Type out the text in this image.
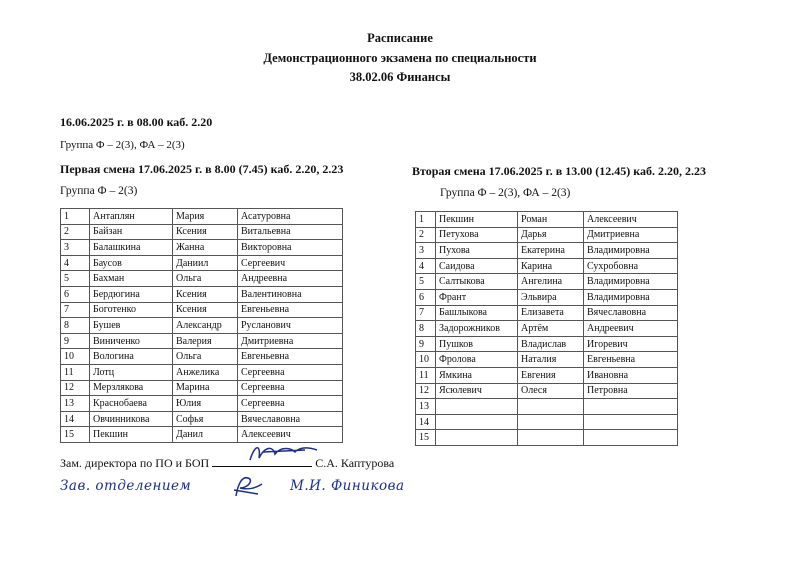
Расписание
Демонстрационного экзамена по специальности
38.02.06 Финансы
16.06.2025 г. в 08.00 каб. 2.20
Группа Ф – 2(3), ФА – 2(3)
Первая смена 17.06.2025 г. в 8.00 (7.45) каб. 2.20, 2.23
Группа Ф – 2(3)
Вторая смена 17.06.2025 г. в 13.00 (12.45) каб. 2.20, 2.23
Группа Ф – 2(3), ФА – 2(3)
1	Антаплян	Мария	Асатуровна
2	Байзан	Ксения	Витальевна
3	Балашкина	Жанна	Викторовна
4	Баусов	Даниил	Сергеевич
5	Бахман	Ольга	Андреевна
6	Бердюгина	Ксения	Валентиновна
7	Боготенко	Ксения	Евгеньевна
8	Бушев	Александр	Русланович
9	Виниченко	Валерия	Дмитриевна
10	Вологина	Ольга	Евгеньевна
11	Лотц	Анжелика	Сергеевна
12	Мерзлякова	Марина	Сергеевна
13	Краснобаева	Юлия	Сергеевна
14	Овчинникова	Софья	Вячеславовна
15	Пекшин	Данил	Алексеевич
1	Пекшин	Роман	Алексеевич
2	Петухова	Дарья	Дмитриевна
3	Пухова	Екатерина	Владимировна
4	Саидова	Карина	Сухробовна
5	Салтыкова	Ангелина	Владимировна
6	Франт	Эльвира	Владимировна
7	Башлыкова	Елизавета	Вячеславовна
8	Задорожников	Артём	Андреевич
9	Пушков	Владислав	Игоревич
10	Фролова	Наталия	Евгеньевна
11	Ямкина	Евгения	Ивановна
12	Ясюлевич	Олеся	Петровна
13			
14			
15			
Зам. директора по ПО и БОП	С.А. Каптурова
Зав. отделением	М.И. Финикова
